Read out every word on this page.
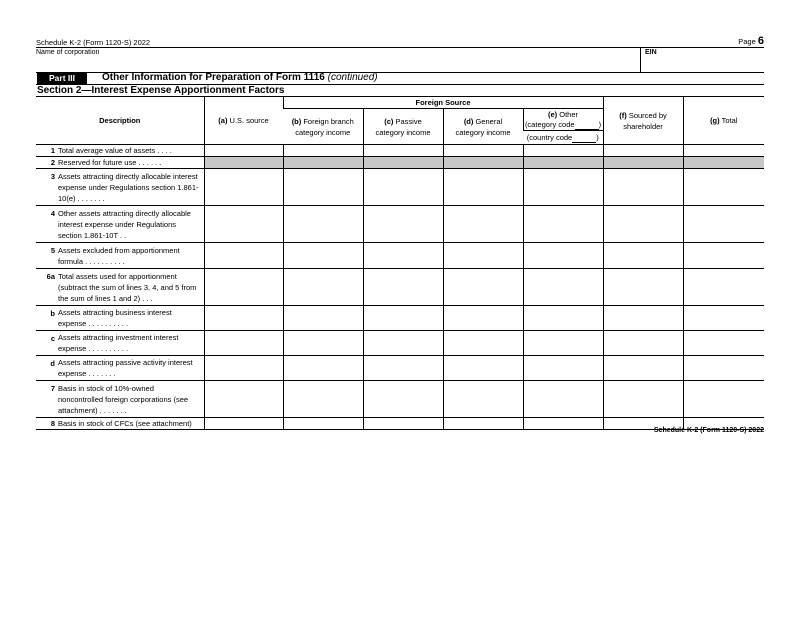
Schedule K-2 (Form 1120-S) 2022	Page 6
Name of corporation	EIN
Part III	Other Information for Preparation of Form 1116 (continued)
Section 2—Interest Expense Apportionment Factors
Description	(a) U.S. source	Foreign Source				(f) Sourced by shareholder	(g) Total
		(b) Foreign branch category income	(c) Passive category income	(d) General category income	(e) Other
(category code )		
					(country code )		

1 Total average value of assets . . . .							

2 Reserved for future use . . . . . .							

3 Assets attracting directly allocable interest expense under Regulations section 1.861-10(e) . . . . . . .							

4 Other assets attracting directly allocable interest expense under Regulations section 1.861-10T . .							

5 Assets excluded from apportionment formula . . . . . . . . . .							

6a Total assets used for apportionment (subtract the sum of lines 3, 4, and 5 from the sum of lines 1 and 2) . . .							

b Assets attracting business interest expense . . . . . . . . . .							

c Assets attracting investment interest expense . . . . . . . . . .							

d Assets attracting passive activity interest expense . . . . . . .							

7 Basis in stock of 10%-owned noncontrolled foreign corporations (see attachment) . . . . . . .							

8 Basis in stock of CFCs (see attachment)							
Schedule K-2 (Form 1120-S) 2022
